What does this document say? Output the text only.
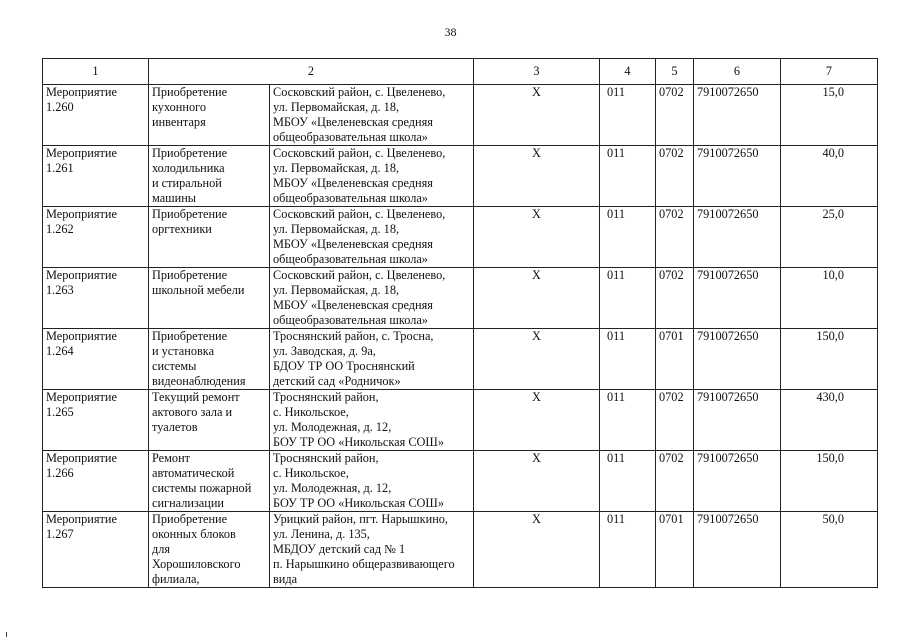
38
1	2		3	4	5	6	7
Мероприятие
1.260	Приобретение
кухонного
инвентаря	Сосковский район, с. Цвеленево,
ул. Первомайская, д. 18,
МБОУ «Цвеленевская средняя
общеобразовательная школа»	X	011	0702	7910072650	15,0
Мероприятие
1.261	Приобретение
холодильника
и стиральной
машины	Сосковский район, с. Цвеленево,
ул. Первомайская, д. 18,
МБОУ «Цвеленевская средняя
общеобразовательная школа»	X	011	0702	7910072650	40,0
Мероприятие
1.262	Приобретение
оргтехники	Сосковский район, с. Цвеленево,
ул. Первомайская, д. 18,
МБОУ «Цвеленевская средняя
общеобразовательная школа»	X	011	0702	7910072650	25,0
Мероприятие
1.263	Приобретение
школьной мебели	Сосковский район, с. Цвеленево,
ул. Первомайская, д. 18,
МБОУ «Цвеленевская средняя
общеобразовательная школа»	X	011	0702	7910072650	10,0
Мероприятие
1.264	Приобретение
и установка
системы
видеонаблюдения	Троснянский район, с. Тросна,
ул. Заводская, д. 9а,
БДОУ ТР ОО Троснянский
детский сад «Родничок»	X	011	0701	7910072650	150,0
Мероприятие
1.265	Текущий ремонт
актового зала и
туалетов	Троснянский район,
с. Никольское,
ул. Молодежная, д. 12,
БОУ ТР ОО «Никольская СОШ»	X	011	0702	7910072650	430,0
Мероприятие
1.266	Ремонт
автоматической
системы пожарной
сигнализации	Троснянский район,
с. Никольское,
ул. Молодежная, д. 12,
БОУ ТР ОО «Никольская СОШ»	X	011	0702	7910072650	150,0
Мероприятие
1.267	Приобретение
оконных блоков
для
Хорошиловского
филиала,	Урицкий район, пгт. Нарышкино,
ул. Ленина, д. 135,
МБДОУ детский сад № 1
п. Нарышкино общеразвивающего
вида	X	011	0701	7910072650	50,0
